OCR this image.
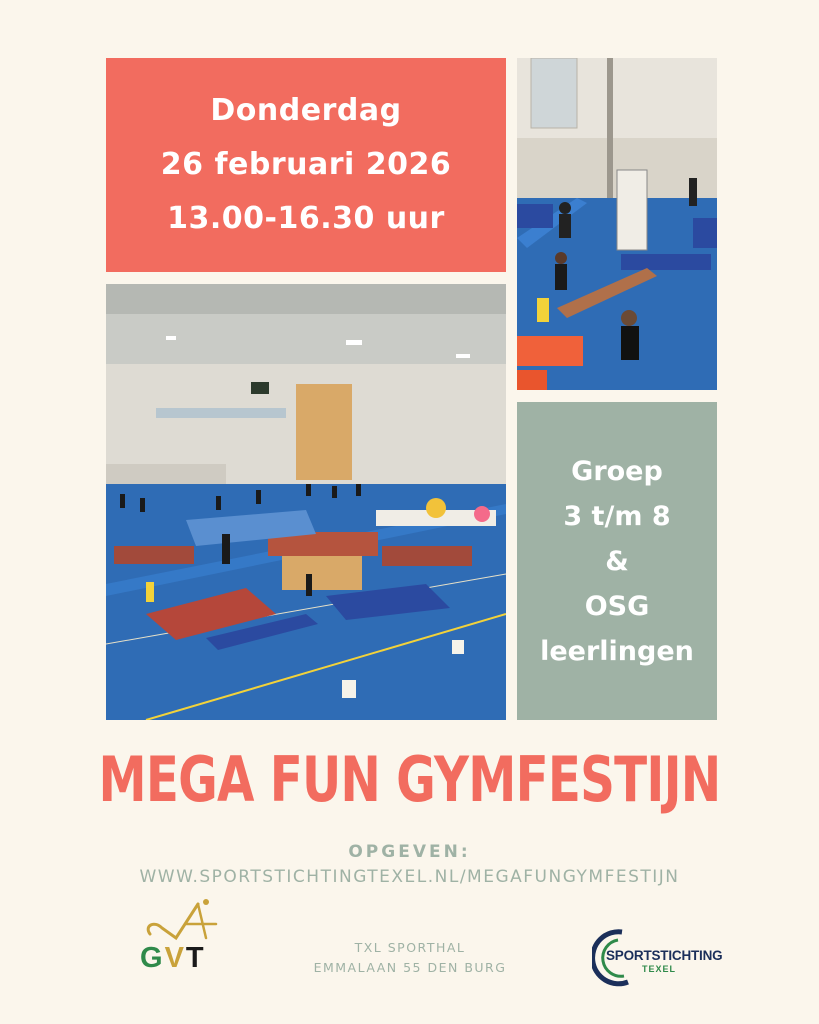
Donderdag
26 februari 2026
13.00-16.30 uur
Groep
3 t/m 8
&
OSG
leerlingen
MEGA FUN GYMFESTIJN
OPGEVEN:
WWW.SPORTSTICHTINGTEXEL.NL/MEGAFUNGYMFESTIJN
GVT	TXL SPORTHAL
EMMALAAN 55 DEN BURG
SPORTSTICHTING
TEXEL
